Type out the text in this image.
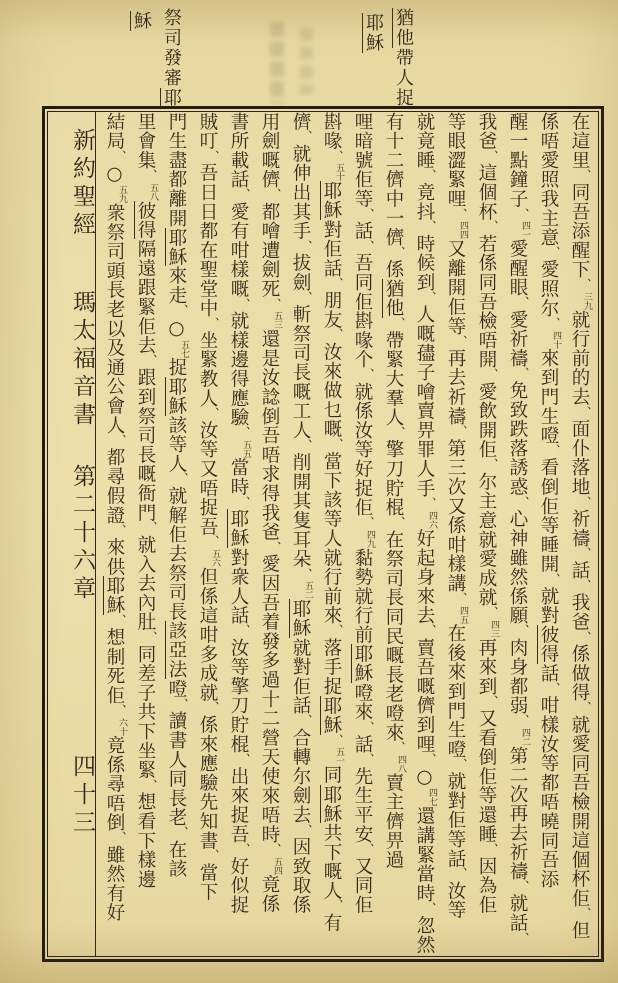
猶他帶人捉
耶穌
祭司發審耶
穌
新約聖經
瑪太福音書
第二十六章
四十三
在這里、同吾添醒下、三九就行前的去、面仆落地、祈禱、話、我爸、係做得、就愛同吾檢開這個杯佢、但
係唔愛照我主意、愛照尔、四十來到門生噔、看倒佢等睡開、就對彼得話、咁樣汝等都唔曉同吾添
醒一點鐘子、四一愛醒眼、愛祈禱、免致跌落誘惑、心神雖然係願、肉身都弱、四二第二次再去祈禱、就話、
我爸、這個杯、若係同吾檢唔開、愛飲開佢、尔主意就愛成就、四三再來到、又看倒佢等還睡、因為佢
等眼澀緊哩、四四又離開佢等、再去祈禱、第三次又係咁樣講、四五在後來到門生噔、就對佢等話、汝等
就竟睡、竟抖、時候到、人嘅孻子噲賣畀罪人手、四六好起身來去、賣吾嘅儕到哩、○四七還講緊當時、忽然
有十二儕中一儕、係猶他、帶緊大羣人、擎刀貯棍、在祭司長同民嘅長老噔來、四八賣主儕畀過
哩暗號佢等、話、吾同佢斟喙个、就係汝等好捉佢、四九黏勢就行前耶穌噔來、話、先生平安、又同佢
斟喙、五十耶穌對佢話、朋友、汝來做乜嘅、當下該等人就行前來、落手捉耶穌、五一同耶穌共下嘅人、有
儕、就伸出其手、拔劍、斬祭司長嘅工人、削開其隻耳朵、五二耶穌就對佢話、合轉尔劍去、因致取係
用劍嘅儕、都噲遭劍死、五三還是汝諗倒吾唔求得我爸、愛因吾着發多過十二營天使來唔時、五四竟係
書所載話、愛有咁樣嘅、就樣邊得應驗、五五當時、耶穌對衆人話、汝等擎刀貯棍、出來捉吾、好似捉
賊叮、吾日日都在聖堂中、坐緊教人、汝等又唔捉吾、五六但係這咁多成就、係來應驗先知書、當下
門生盡都離開耶穌來走、○五七捉耶穌該等人、就解佢去祭司長該亞法噔、讀書人同長老、在該
里會集、五八彼得隔遠跟緊佢去、跟到祭司長嘅衙門、就入去內肚、同差子共下坐緊、想看下樣邊
結局、○五九衆祭司頭長老以及通公會人、都尋假證、來供耶穌、想制死佢、六十竟係尋唔倒、雖然有好
